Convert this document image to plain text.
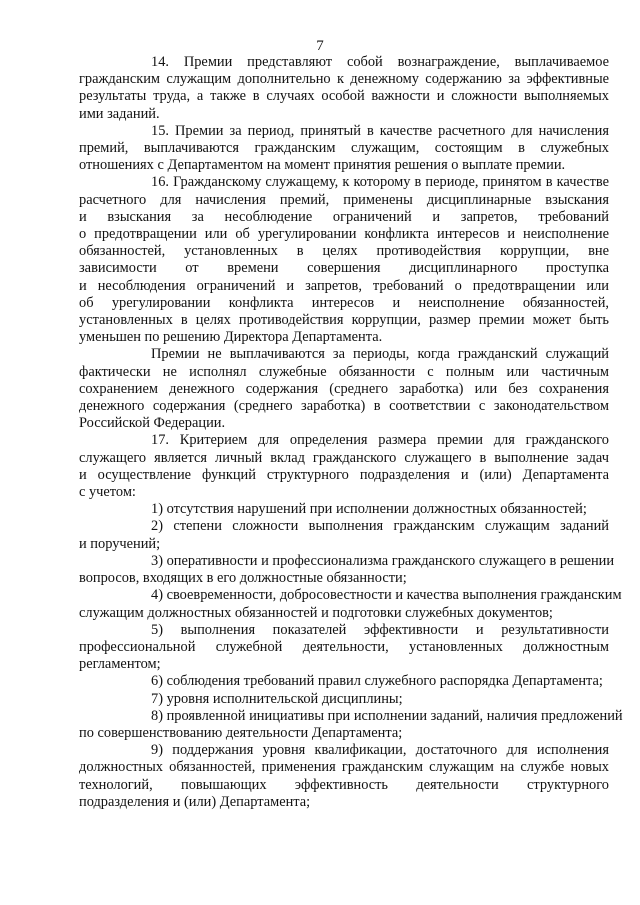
7
14. Премии представляют собой вознаграждение, выплачиваемое
гражданским служащим дополнительно к денежному содержанию за эффективные
результаты труда, а также в случаях особой важности и сложности выполняемых
ими заданий.
15. Премии за период, принятый в качестве расчетного для начисления
премий, выплачиваются гражданским служащим, состоящим в служебных
отношениях с Департаментом на момент принятия решения о выплате премии.
16. Гражданскому служащему, к которому в периоде, принятом в качестве
расчетного для начисления премий, применены дисциплинарные взыскания
и взыскания за несоблюдение ограничений и запретов, требований
о предотвращении или об урегулировании конфликта интересов и неисполнение
обязанностей, установленных в целях противодействия коррупции, вне
зависимости от времени совершения дисциплинарного проступка
и несоблюдения ограничений и запретов, требований о предотвращении или
об урегулировании конфликта интересов и неисполнение обязанностей,
установленных в целях противодействия коррупции, размер премии может быть
уменьшен по решению Директора Департамента.
Премии не выплачиваются за периоды, когда гражданский служащий
фактически не исполнял служебные обязанности с полным или частичным
сохранением денежного содержания (среднего заработка) или без сохранения
денежного содержания (среднего заработка) в соответствии с законодательством
Российской Федерации.
17. Критерием для определения размера премии для гражданского
служащего является личный вклад гражданского служащего в выполнение задач
и осуществление функций структурного подразделения и (или) Департамента
с учетом:
1) отсутствия нарушений при исполнении должностных обязанностей;
2) степени сложности выполнения гражданским служащим заданий
и поручений;
3) оперативности и профессионализма гражданского служащего в решении
вопросов, входящих в его должностные обязанности;
4) своевременности, добросовестности и качества выполнения гражданским
служащим должностных обязанностей и подготовки служебных документов;
5) выполнения показателей эффективности и результативности
профессиональной служебной деятельности, установленных должностным
регламентом;
6) соблюдения требований правил служебного распорядка Департамента;
7) уровня исполнительской дисциплины;
8) проявленной инициативы при исполнении заданий, наличия предложений
по совершенствованию деятельности Департамента;
9) поддержания уровня квалификации, достаточного для исполнения
должностных обязанностей, применения гражданским служащим на службе новых
технологий, повышающих эффективность деятельности структурного
подразделения и (или) Департамента;
